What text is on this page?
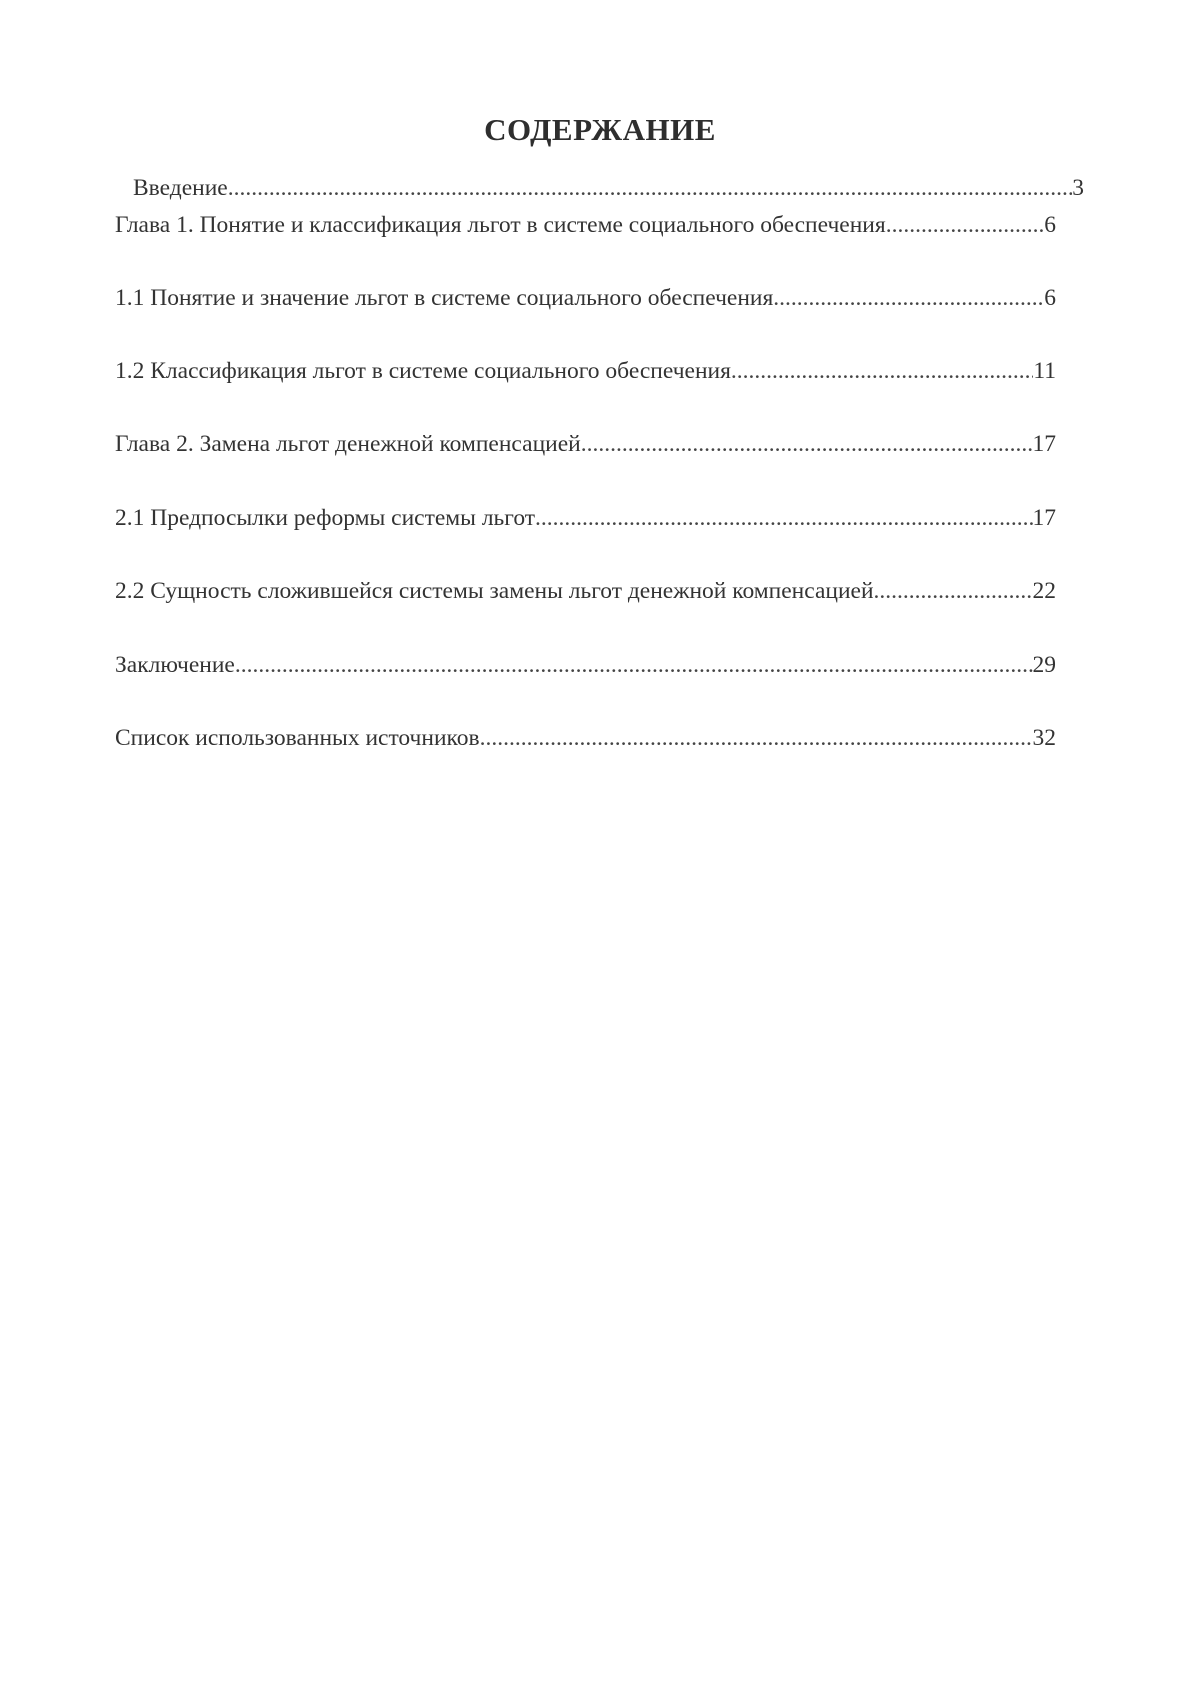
СОДЕРЖАНИЕ
Введение .....	3
Глава 1. Понятие и классификация льгот в системе социального обеспечения .....	6
1.1 Понятие и значение льгот в системе социального обеспечения .....	6
1.2 Классификация льгот в системе социального обеспечения .....	11
Глава 2. Замена льгот денежной компенсацией .....	17
2.1 Предпосылки реформы системы льгот .....	17
2.2 Сущность сложившейся системы замены льгот денежной компенсацией .....	22
Заключение .....	29
Список использованных источников .....	32
